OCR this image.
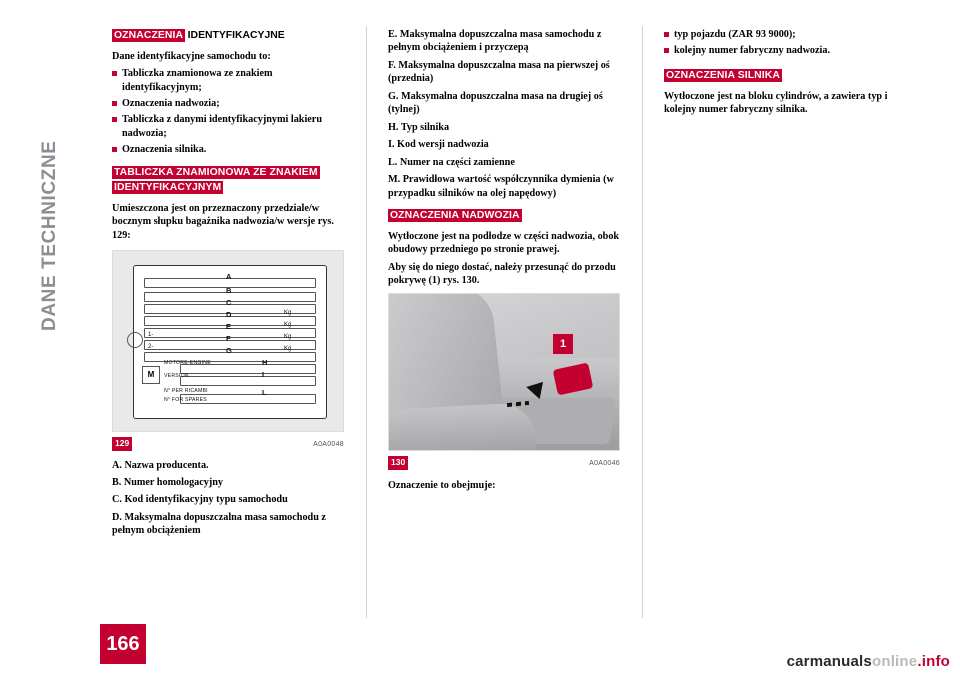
DANE TECHNICZNE

OZNACZENIA IDENTYFIKACYJNE

Dane identyfikacyjne samochodu to:

Tabliczka znamionowa ze znakiem identyfikacyjnym;
Oznaczenia nadwozia;
Tabliczka z danymi identyfikacyjnymi lakieru nadwozia;
Oznaczenia silnika.

TABLICZKA ZNAMIONOWA ZE ZNAKIEM
IDENTYFIKACYJNYM

Umieszczona jest on przeznaczony przedziale/w bocznym słupku bagażnika nadwozia/w wersje rys. 129:

M
A
B
C
D
E
F
G
H
I
L
Kg
Kg
Kg
Kg
1-
2-
MOTORE-ENGINE
VERSION
N° PER RICAMBI
N° FOR SPARES
129	A0A0048

A. Nazwa producenta.

B. Numer homologacyjny

C. Kod identyfikacyjny typu samochodu

D. Maksymalna dopuszczalna masa samochodu z pełnym obciążeniem

E. Maksymalna dopuszczalna masa samochodu z pełnym obciążeniem i przyczepą

F. Maksymalna dopuszczalna masa na pierwszej oś (przednia)

G. Maksymalna dopuszczalna masa na drugiej oś (tylnej)

H. Typ silnika

I. Kod wersji nadwozia

L. Numer na części zamienne

M. Prawidłowa wartość współczynnika dymienia (w przypadku silników na olej napędowy)

OZNACZENIA NADWOZIA

Wytłoczone jest na podłodze w części nadwozia, obok obudowy przedniego po stronie prawej.

Aby się do niego dostać, należy przesunąć do przodu pokrywę (1) rys. 130.

1
130	A0A0046

Oznaczenie to obejmuje:

typ pojazdu (ZAR 93 9000);
kolejny numer fabryczny nadwozia.

OZNACZENIA SILNIKA

Wytłoczone jest na bloku cylindrów, a zawiera typ i kolejny numer fabryczny silnika.

166
carmanualsonline.info
